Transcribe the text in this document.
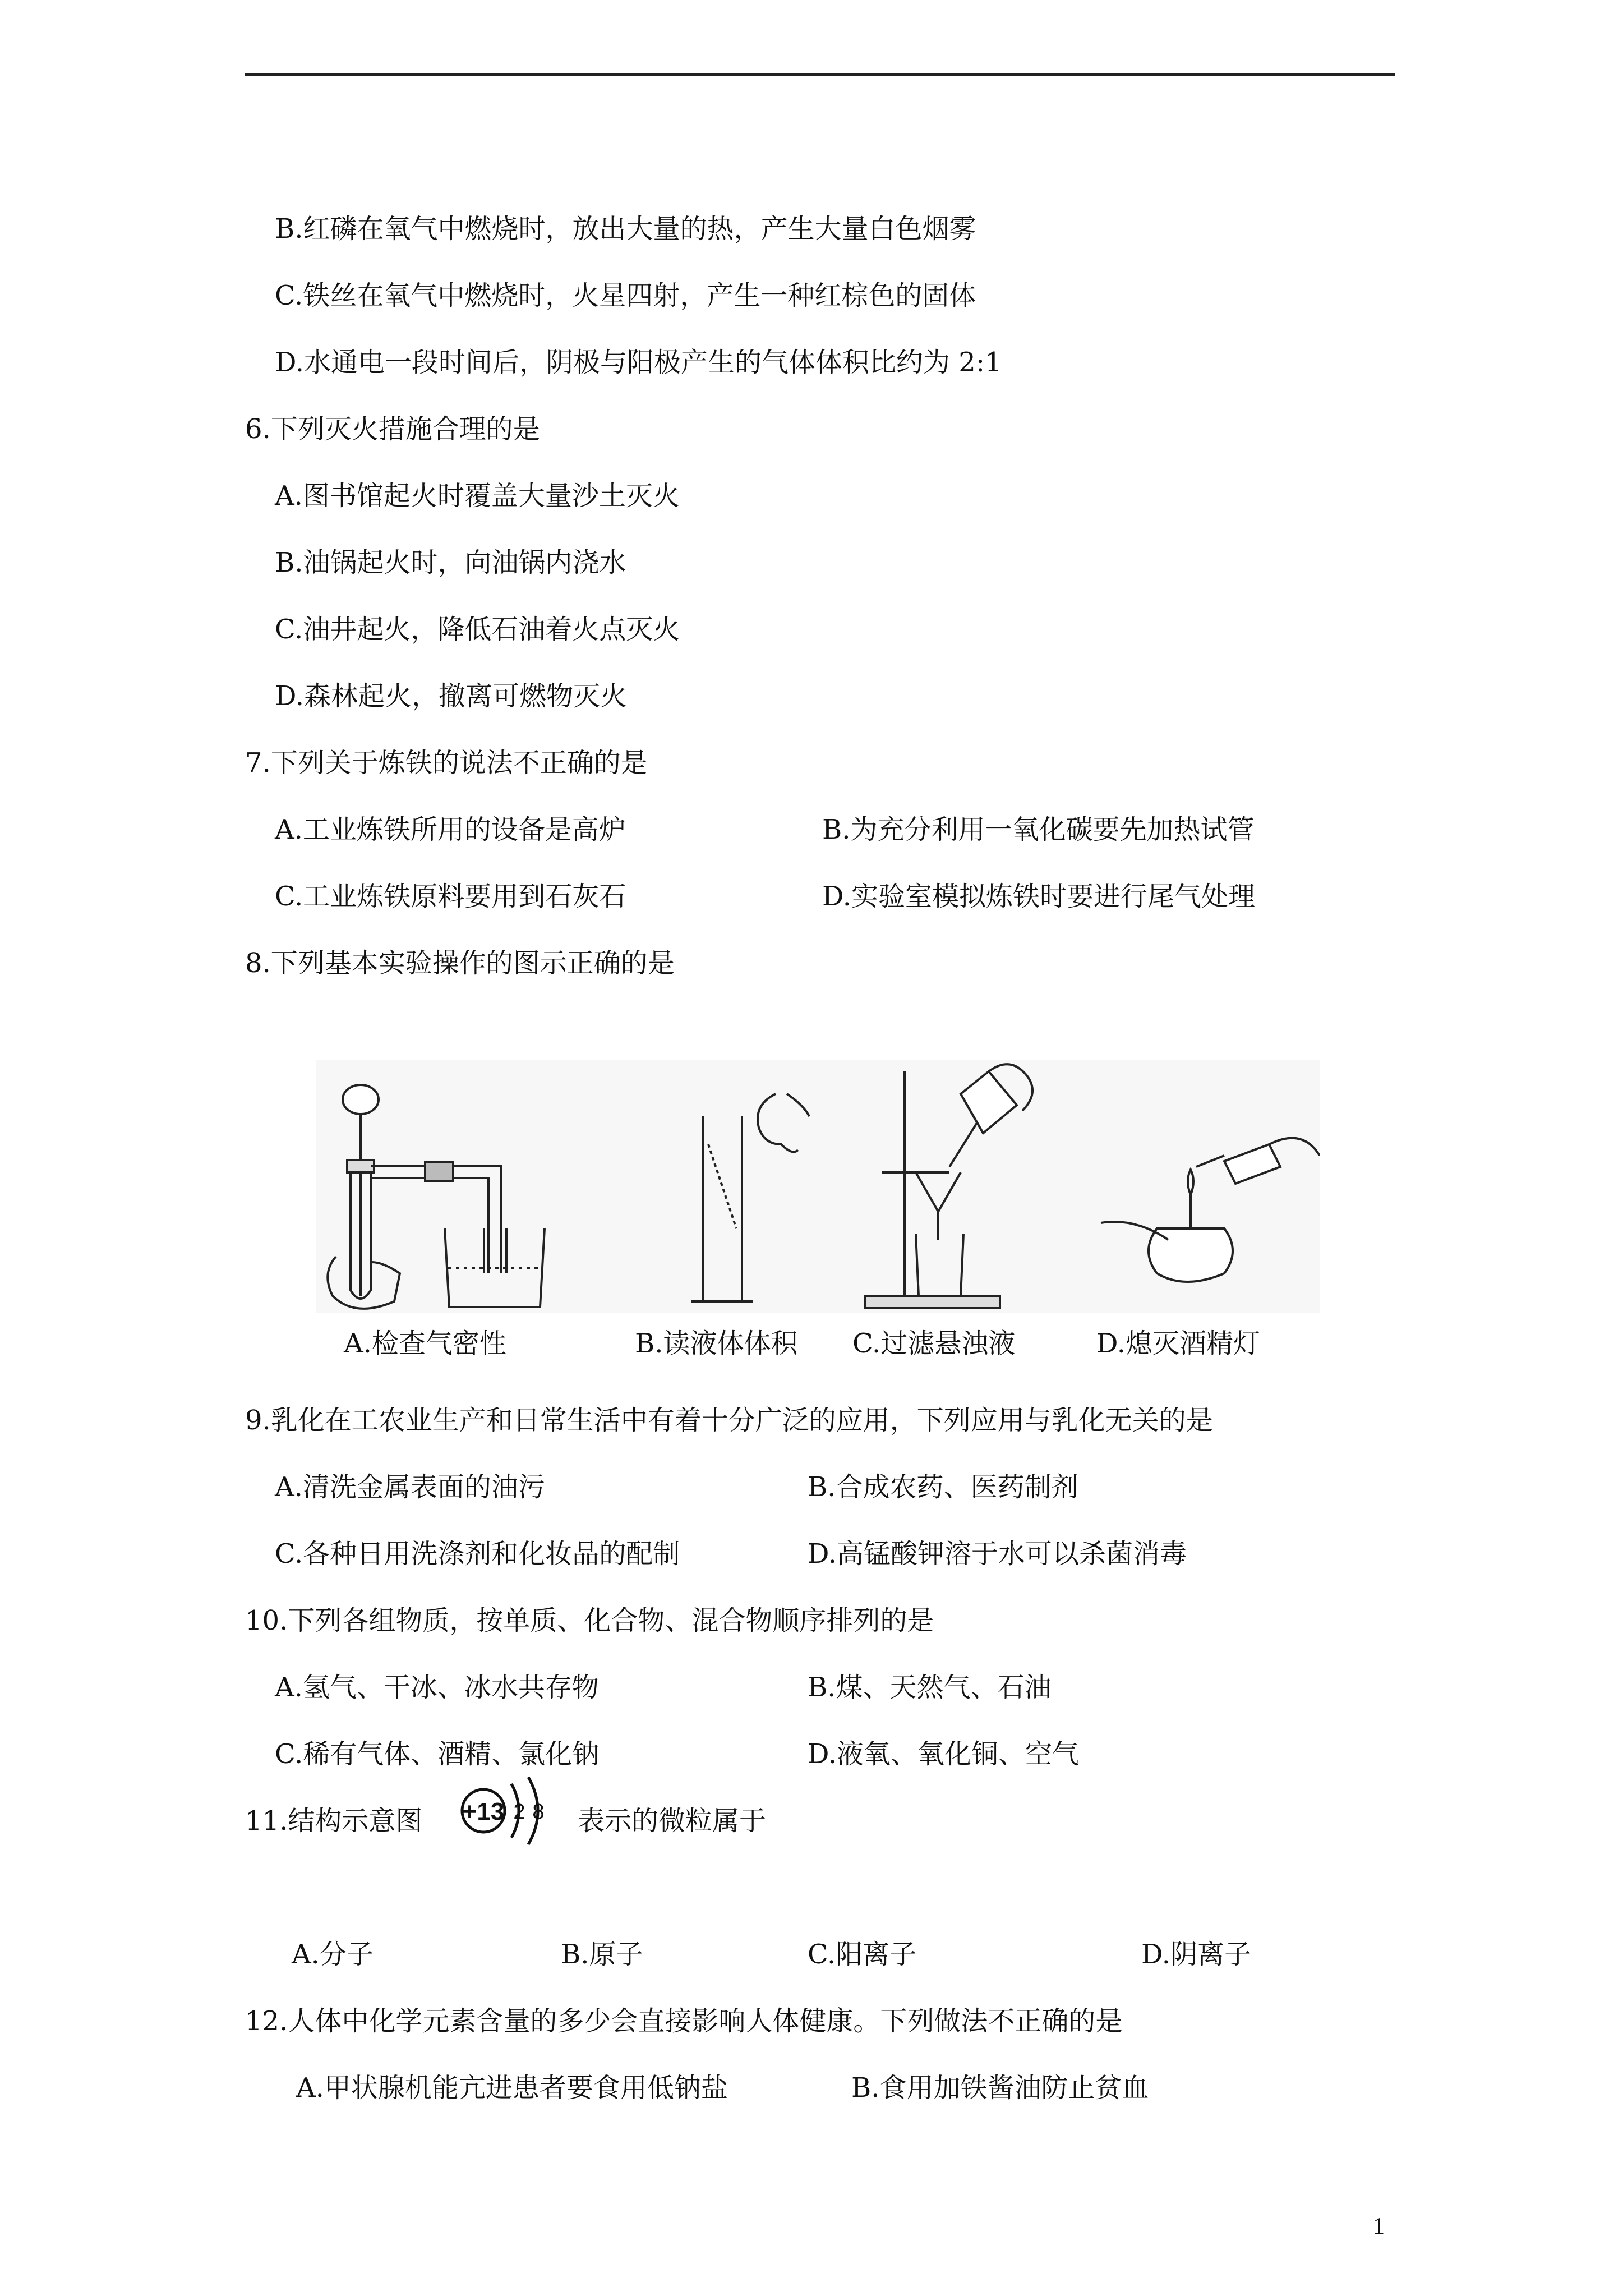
B.红磷在氧气中燃烧时，放出大量的热，产生大量白色烟雾
C.铁丝在氧气中燃烧时，火星四射，产生一种红棕色的固体
D.水通电一段时间后，阴极与阳极产生的气体体积比约为 2:1
6.下列灭火措施合理的是
A.图书馆起火时覆盖大量沙土灭火
B.油锅起火时，向油锅内浇水
C.油井起火，降低石油着火点灭火
D.森林起火，撤离可燃物灭火
7.下列关于炼铁的说法不正确的是
A.工业炼铁所用的设备是高炉	B.为充分利用一氧化碳要先加热试管
C.工业炼铁原料要用到石灰石	D.实验室模拟炼铁时要进行尾气处理
8.下列基本实验操作的图示正确的是
A.检查气密性	B.读液体体积 C.过滤悬浊液	D.熄灭酒精灯
9.乳化在工农业生产和日常生活中有着十分广泛的应用，下列应用与乳化无关的是
A.清洗金属表面的油污	B.合成农药、医药制剂
C.各种日用洗涤剂和化妆品的配制	D.高锰酸钾溶于水可以杀菌消毒
10.下列各组物质，按单质、化合物、混合物顺序排列的是
A.氢气、干冰、冰水共存物	B.煤、天然气、石油
C.稀有气体、酒精、氯化钠	D.液氧、氧化铜、空气
11.结构示意图 +13 2 8 表示的微粒属于
A.分子	B.原子	C.阳离子	D.阴离子
12.人体中化学元素含量的多少会直接影响人体健康。下列做法不正确的是
A.甲状腺机能亢进患者要食用低钠盐	B.食用加铁酱油防止贫血
1
